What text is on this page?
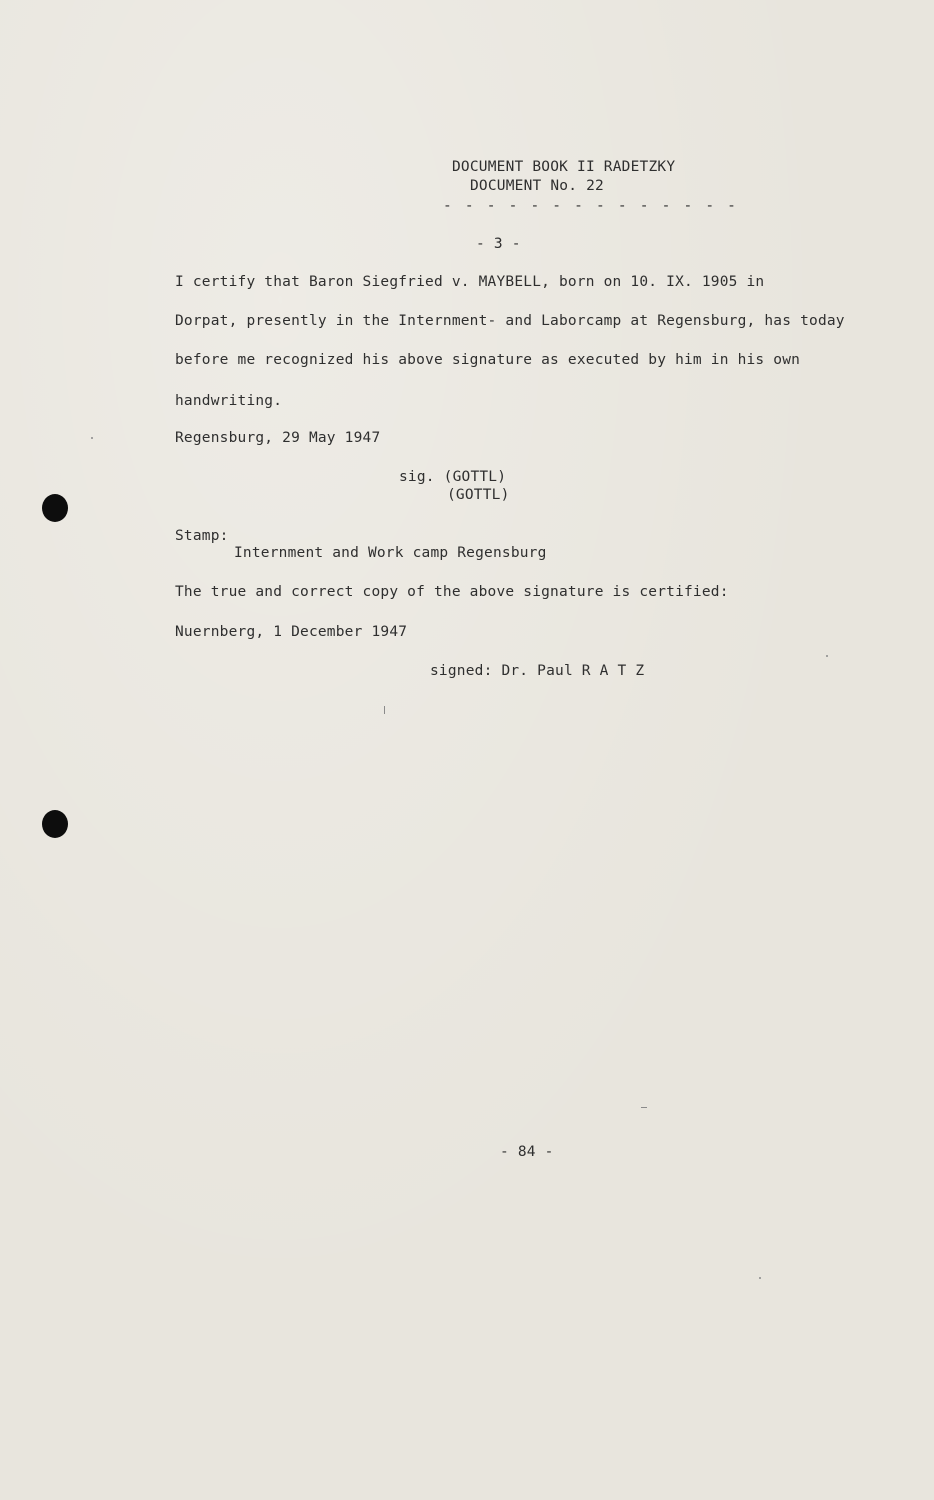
DOCUMENT BOOK II RADETZKY
DOCUMENT No. 22
- - - - - - - - - - - - - -
- 3 -
I certify that Baron Siegfried v. MAYBELL, born on 10. IX. 1905 in
Dorpat, presently in the Internment- and Laborcamp at Regensburg, has today
before me recognized his above signature as executed by him in his own
handwriting.
Regensburg, 29 May 1947
sig. (GOTTL)
(GOTTL)
Stamp:
Internment and Work camp Regensburg
The true and correct copy of the above signature is certified:
Nuernberg, 1 December 1947
signed: Dr. Paul R A T Z
- 84 -
